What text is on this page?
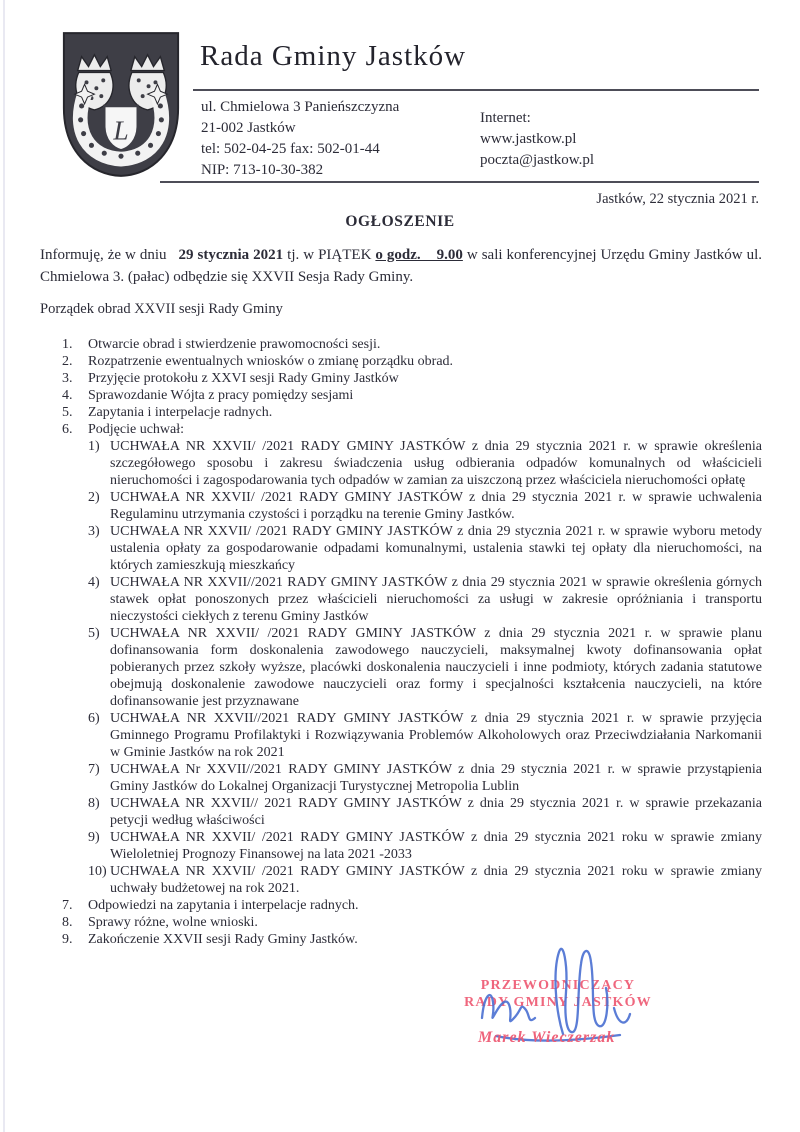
L
Rada Gminy Jastków
ul. Chmielowa 3 Panieńszczyzna
21-002 Jastków
tel: 502-04-25 fax: 502-01-44
NIP: 713-10-30-382
Internet:
www.jastkow.pl
poczta@jastkow.pl
Jastków, 22 stycznia 2021 r.
OGŁOSZENIE

Informuję, że w dniu 29 stycznia 2021 tj. w PIĄTEK o godz.    9.00 w sali konferencyjnej Urzędu Gminy Jastków ul. Chmielowa 3. (pałac) odbędzie się XXVII Sesja Rady Gminy.

Porządek obrad XXVII sesji Rady Gminy
1. Otwarcie obrad i stwierdzenie prawomocności sesji.
2. Rozpatrzenie ewentualnych wniosków o zmianę porządku obrad.
3. Przyjęcie protokołu z XXVI sesji Rady Gminy Jastków
4. Sprawozdanie Wójta z pracy pomiędzy sesjami
5. Zapytania i interpelacje radnych.
6. Podjęcie uchwał:
1) UCHWAŁA NR XXVII/ /2021 RADY GMINY JASTKÓW z dnia 29 stycznia 2021 r. w sprawie określenia szczegółowego sposobu i zakresu świadczenia usług odbierania odpadów komunalnych od właścicieli nieruchomości i zagospodarowania tych odpadów w zamian za uiszczoną przez właściciela nieruchomości opłatę
2) UCHWAŁA NR XXVII/ /2021 RADY GMINY JASTKÓW z dnia 29 stycznia 2021 r. w sprawie uchwalenia Regulaminu utrzymania czystości i porządku na terenie Gminy Jastków.
3) UCHWAŁA NR XXVII/ /2021 RADY GMINY JASTKÓW z dnia 29 stycznia 2021 r. w sprawie wyboru metody ustalenia opłaty za gospodarowanie odpadami komunalnymi, ustalenia stawki tej opłaty dla nieruchomości, na których zamieszkują mieszkańcy
4) UCHWAŁA NR XXVII//2021 RADY GMINY JASTKÓW z dnia 29 stycznia 2021 w sprawie określenia górnych stawek opłat ponoszonych przez właścicieli nieruchomości za usługi w zakresie opróżniania i transportu nieczystości ciekłych z terenu Gminy Jastków
5) UCHWAŁA NR XXVII/ /2021 RADY GMINY JASTKÓW z dnia 29 stycznia 2021 r. w sprawie planu dofinansowania form doskonalenia zawodowego nauczycieli, maksymalnej kwoty dofinansowania opłat pobieranych przez szkoły wyższe, placówki doskonalenia nauczycieli i inne podmioty, których zadania statutowe obejmują doskonalenie zawodowe nauczycieli oraz formy i specjalności kształcenia nauczycieli, na które dofinansowanie jest przyznawane
6) UCHWAŁA NR XXVII//2021 RADY GMINY JASTKÓW z dnia 29 stycznia 2021 r. w sprawie przyjęcia Gminnego Programu Profilaktyki i Rozwiązywania Problemów Alkoholowych oraz Przeciwdziałania Narkomanii w Gminie Jastków na rok 2021
7) UCHWAŁA Nr XXVII//2021 RADY GMINY JASTKÓW z dnia 29 stycznia 2021 r. w sprawie przystąpienia Gminy Jastków do Lokalnej Organizacji Turystycznej Metropolia Lublin
8) UCHWAŁA NR XXVII// 2021 RADY GMINY JASTKÓW z dnia 29 stycznia 2021 r. w sprawie przekazania petycji według właściwości
9) UCHWAŁA NR XXVII/ /2021 RADY GMINY JASTKÓW z dnia 29 stycznia 2021 roku w sprawie zmiany Wieloletniej Prognozy Finansowej na lata 2021 -2033
10) UCHWAŁA NR XXVII/ /2021 RADY GMINY JASTKÓW z dnia 29 stycznia 2021 roku w sprawie zmiany uchwały budżetowej na rok 2021.
7. Odpowiedzi na zapytania i interpelacje radnych.
8. Sprawy różne, wolne wnioski.
9. Zakończenie XXVII sesji Rady Gminy Jastków.
PRZEWODNICZĄCY
RADY GMINY JASTKÓW
Marek Wieczerzak
